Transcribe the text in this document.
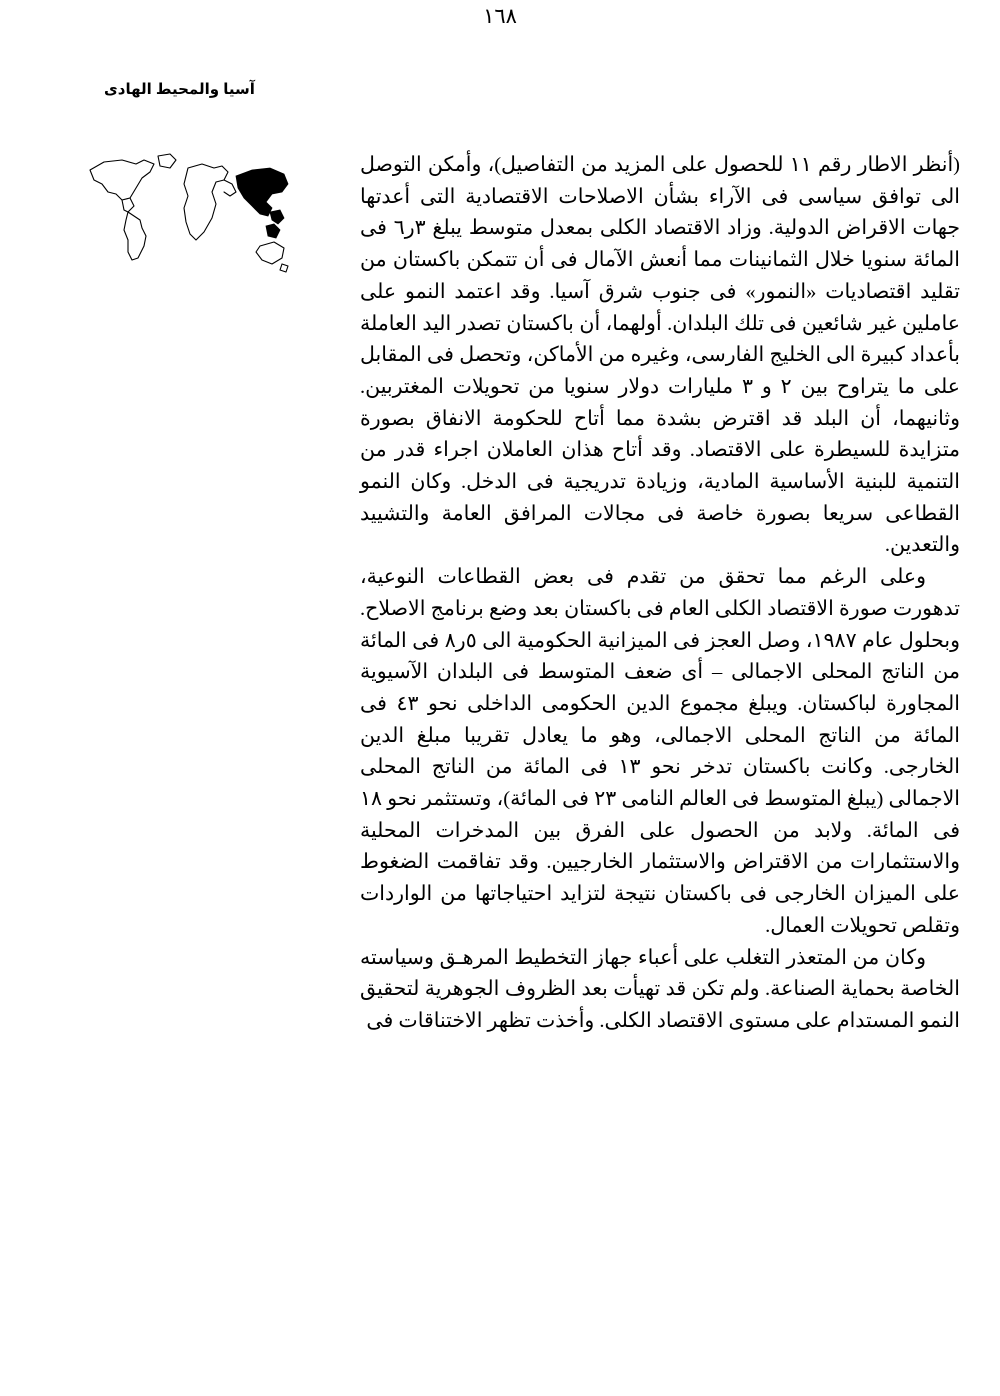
١٦٨
آسيا والمحيط الهادى

(أنظر الاطار رقم ١١ للحصول على المزيد من التفاصيل)، وأمكن التوصل الى توافق سياسى فى الآراء بشأن الاصلاحات الاقتصادية التى أعدتها جهات الاقراض الدولية. وزاد الاقتصاد الكلى بمعدل متوسط يبلغ ٣ر٦ فى المائة سنويا خلال الثمانينات مما أنعش الآمال فى أن تتمكن باكستان من تقليد اقتصاديات «النمور» فى جنوب شرق آسيا. وقد اعتمد النمو على عاملين غير شائعين فى تلك البلدان. أولهما، أن باكستان تصدر اليد العاملة بأعداد كبيرة الى الخليج الفارسى، وغيره من الأماكن، وتحصل فى المقابل على ما يتراوح بين ٢ و ٣ مليارات دولار سنويا من تحويلات المغتربين. وثانيهما، أن البلد قد اقترض بشدة مما أتاح للحكومة الانفاق بصورة متزايدة للسيطرة على الاقتصاد. وقد أتاح هذان العاملان اجراء قدر من التنمية للبنية الأساسية المادية، وزيادة تدريجية فى الدخل. وكان النمو القطاعى سريعا بصورة خاصة فى مجالات المرافق العامة والتشييد والتعدين.

وعلى الرغم مما تحقق من تقدم فى بعض القطاعات النوعية، تدهورت صورة الاقتصاد الكلى العام فى باكستان بعد وضع برنامج الاصلاح. وبحلول عام ١٩٨٧، وصل العجز فى الميزانية الحكومية الى ٥ر٨ فى المائة من الناتج المحلى الاجمالى – أى ضعف المتوسط فى البلدان الآسيوية المجاورة لباكستان. ويبلغ مجموع الدين الحكومى الداخلى نحو ٤٣ فى المائة من الناتج المحلى الاجمالى، وهو ما يعادل تقريبا مبلغ الدين الخارجى. وكانت باكستان تدخر نحو ١٣ فى المائة من الناتج المحلى الاجمالى (يبلغ المتوسط فى العالم النامى ٢٣ فى المائة)، وتستثمر نحو ١٨ فى المائة. ولابد من الحصول على الفرق بين المدخرات المحلية والاستثمارات من الاقتراض والاستثمار الخارجيين. وقد تفاقمت الضغوط على الميزان الخارجى فى باكستان نتيجة لتزايد احتياجاتها من الواردات وتقلص تحويلات العمال.

وكان من المتعذر التغلب على أعباء جهاز التخطيط المرهـق وسياسته الخاصة بحماية الصناعة. ولم تكن قد تهيأت بعد الظروف الجوهرية لتحقيق النمو المستدام على مستوى الاقتصاد الكلى. وأخذت تظهر الاختناقات فى
